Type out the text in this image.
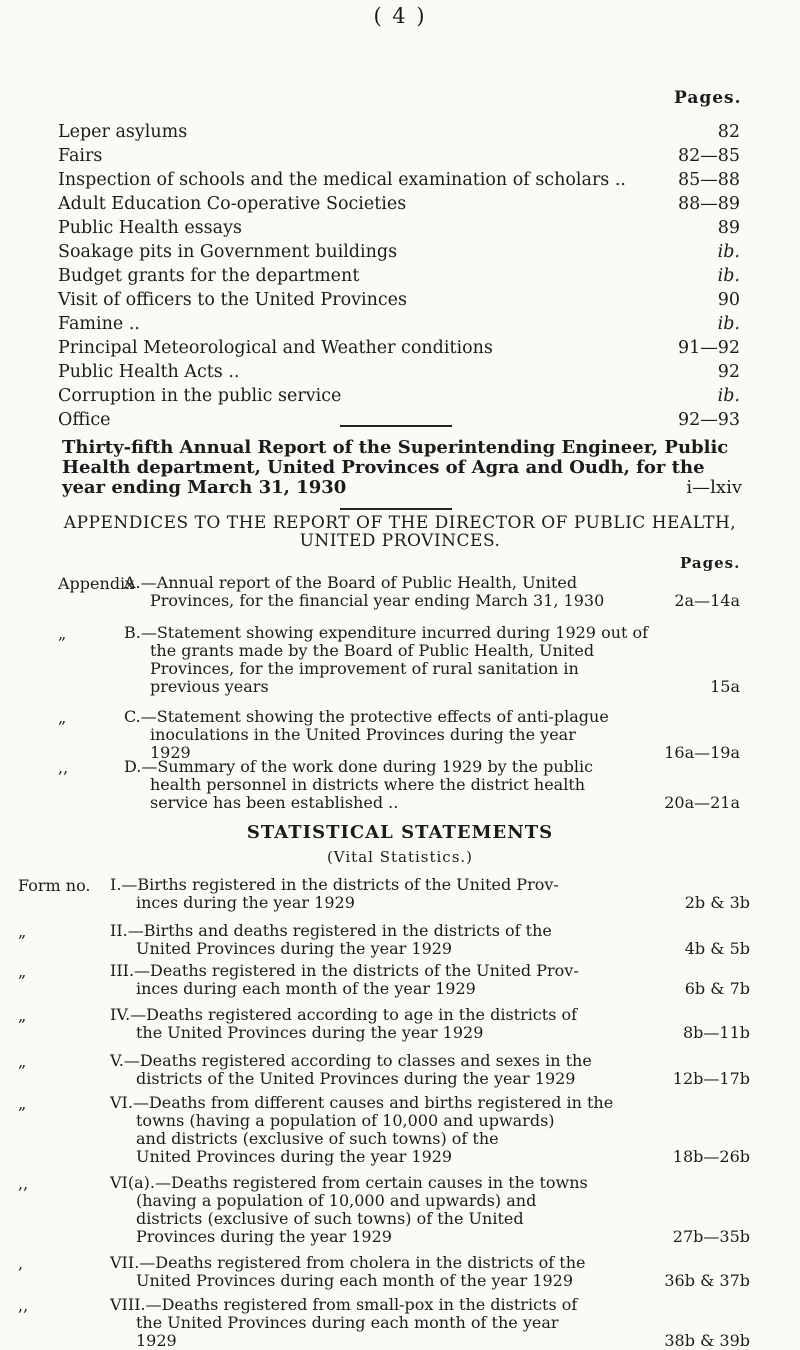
( 4 )
Pages.
Leper asylums	82
Fairs	82—85
Inspection of schools and the medical examination of scholars ..	85—88
Adult Education Co-operative Societies	88—89
Public Health essays	89
Soakage pits in Government buildings	ib.
Budget grants for the department	ib.
Visit of officers to the United Provinces	90
Famine ..	ib.
Principal Meteorological and Weather conditions	91—92
Public Health Acts ..	92
Corruption in the public service	ib.
Office	92—93
Thirty-fifth Annual Report of the Superintending Engineer, Public
Health department, United Provinces of Agra and Oudh, for the
year ending March 31, 1930	i—lxiv
APPENDICES TO THE REPORT OF THE DIRECTOR OF PUBLIC HEALTH,
UNITED PROVINCES.
Pages.
Appendix
A.—Annual report of the Board of Public Health, United
Provinces, for the financial year ending March 31, 1930	2a—14a
„	B.—Statement showing expenditure incurred during 1929 out of
the grants made by the Board of Public Health, United
Provinces, for the improvement of rural sanitation in
previous years	15a
„	C.—Statement showing the protective effects of anti-plague
inoculations in the United Provinces during the year
1929	16a—19a
,,	D.—Summary of the work done during 1929 by the public
health personnel in districts where the district health
service has been established ..	20a—21a
STATISTICAL STATEMENTS
(Vital Statistics.)
Form no. I.—Births registered in the districts of the United Prov-
inces during the year 1929	2b & 3b
„	II.—Births and deaths registered in the districts of the
United Provinces during the year 1929	4b & 5b
„	III.—Deaths registered in the districts of the United Prov-
inces during each month of the year 1929	6b & 7b
„	IV.—Deaths registered according to age in the districts of
the United Provinces during the year 1929	8b—11b
„	V.—Deaths registered according to classes and sexes in the
districts of the United Provinces during the year 1929	12b—17b
„	VI.—Deaths from different causes and births registered in the
towns (having a population of 10,000 and upwards)
and districts (exclusive of such towns) of the
United Provinces during the year 1929	18b—26b
,,	VI(a).—Deaths registered from certain causes in the towns
(having a population of 10,000 and upwards) and
districts (exclusive of such towns) of the United
Provinces during the year 1929	27b—35b
,	VII.—Deaths registered from cholera in the districts of the
United Provinces during each month of the year 1929	36b & 37b
,,	VIII.—Deaths registered from small-pox in the districts of
the United Provinces during each month of the year
1929	38b & 39b
